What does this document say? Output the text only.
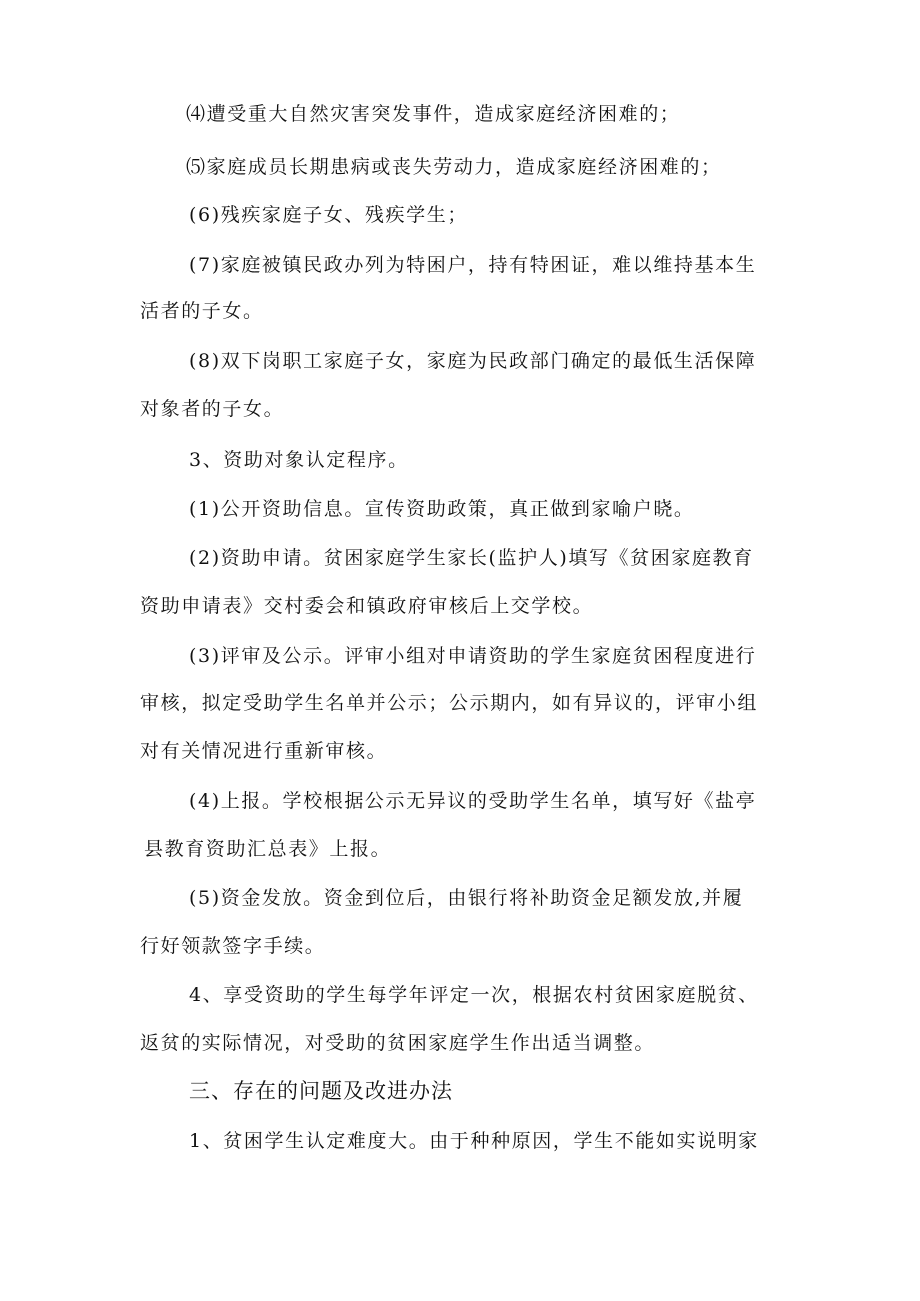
⑷遭受重大自然灾害突发事件，造成家庭经济困难的；
⑸家庭成员长期患病或丧失劳动力，造成家庭经济困难的；
(6)残疾家庭子女、残疾学生；
(7)家庭被镇民政办列为特困户，持有特困证，难以维持基本生
活者的子女。
(8)双下岗职工家庭子女，家庭为民政部门确定的最低生活保障
对象者的子女。
3、资助对象认定程序。
(1)公开资助信息。宣传资助政策，真正做到家喻户晓。
(2)资助申请。贫困家庭学生家长(监护人)填写《贫困家庭教育
资助申请表》交村委会和镇政府审核后上交学校。
(3)评审及公示。评审小组对申请资助的学生家庭贫困程度进行
审核，拟定受助学生名单并公示；公示期内，如有异议的，评审小组
对有关情况进行重新审核。
(4)上报。学校根据公示无异议的受助学生名单，填写好《盐亭
县教育资助汇总表》上报。
(5)资金发放。资金到位后，由银行将补助资金足额发放,并履
行好领款签字手续。
4、享受资助的学生每学年评定一次，根据农村贫困家庭脱贫、
返贫的实际情况，对受助的贫困家庭学生作出适当调整。
三、存在的问题及改进办法
1、贫困学生认定难度大。由于种种原因，学生不能如实说明家
